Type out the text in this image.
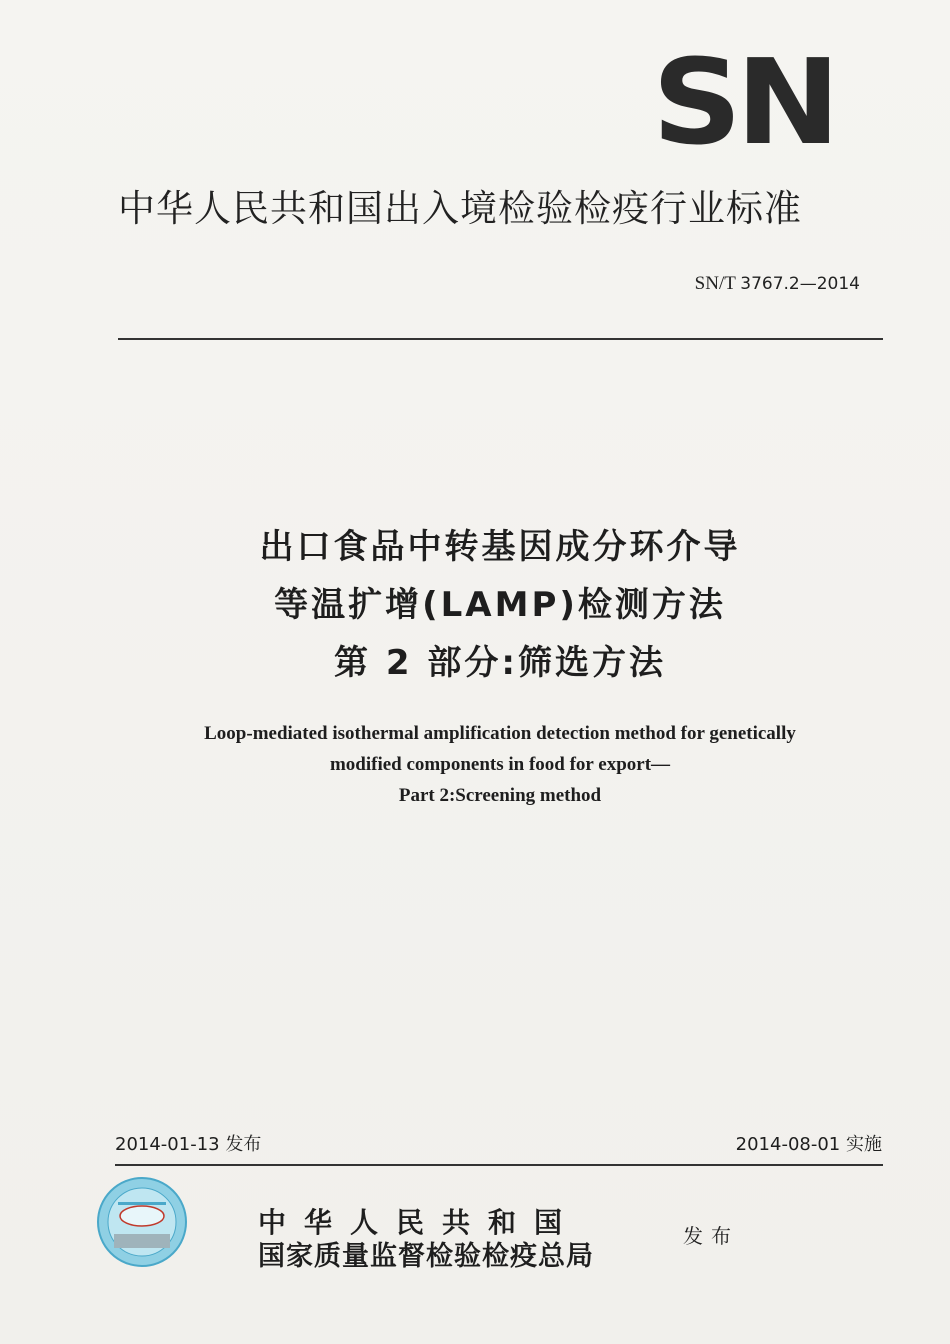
SN
中华人民共和国出入境检验检疫行业标准
SN/T 3767.2—2014
出口食品中转基因成分环介导
等温扩增(LAMP)检测方法
第 2 部分:筛选方法
Loop-mediated isothermal amplification detection method for genetically
modified components in food for export—
Part 2:Screening method
2014-01-13 发布	2014-08-01 实施
中华人民共和国
国家质量监督检验检疫总局
发布
